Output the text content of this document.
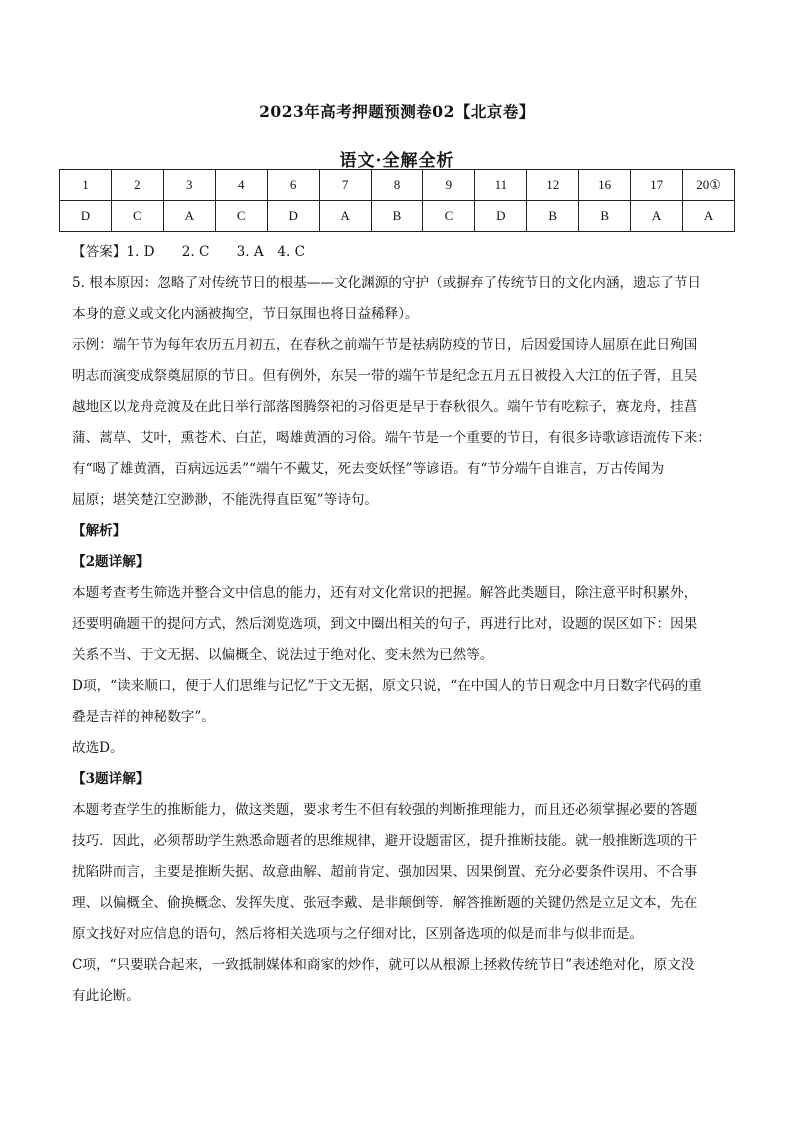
2023年高考押题预测卷02【北京卷】
语文·全解全析
1	2	3	4	6	7	8	9	11	12	16	17	20①
D	C	A	C	D	A	B	C	D	B	B	A	A

【答案】1. D　　2. C　　3. A　4. C

5. 根本原因：忽略了对传统节日的根基——文化渊源的守护（或摒弃了传统节日的文化内涵，遗忘了节日

本身的意义或文化内涵被掏空，节日氛围也将日益稀释）。

示例：端午节为每年农历五月初五，在春秋之前端午节是祛病防疫的节日，后因爱国诗人屈原在此日殉国

明志而演变成祭奠屈原的节日。但有例外，东吴一带的端午节是纪念五月五日被投入大江的伍子胥，且吴

越地区以龙舟竞渡及在此日举行部落图腾祭祀的习俗更是早于春秋很久。端午节有吃粽子，赛龙舟，挂菖

蒲、蒿草、艾叶，熏苍术、白芷，喝雄黄酒的习俗。端午节是一个重要的节日，有很多诗歌谚语流传下来：

有“喝了雄黄酒，百病远远丢”“端午不戴艾，死去变妖怪”等谚语。有“节分端午自谁言，万古传闻为

屈原；堪笑楚江空渺渺，不能洗得直臣冤”等诗句。

【解析】

【2题详解】

本题考查考生筛选并整合文中信息的能力，还有对文化常识的把握。解答此类题目，除注意平时积累外，

还要明确题干的提问方式，然后浏览选项，到文中圈出相关的句子，再进行比对，设题的误区如下：因果

关系不当、于文无据、以偏概全、说法过于绝对化、变未然为已然等。

D项，“读来顺口，便于人们思维与记忆”于文无据，原文只说，“在中国人的节日观念中月日数字代码的重

叠是吉祥的神秘数字”。

故选D。

【3题详解】

本题考查学生的推断能力，做这类题，要求考生不但有较强的判断推理能力，而且还必须掌握必要的答题

技巧．因此，必须帮助学生熟悉命题者的思维规律，避开设题雷区，提升推断技能。就一般推断选项的干

扰陷阱而言，主要是推断失据、故意曲解、超前肯定、强加因果、因果倒置、充分必要条件误用、不合事

理、以偏概全、偷换概念、发挥失度、张冠李戴、是非颠倒等．解答推断题的关键仍然是立足文本，先在

原文找好对应信息的语句，然后将相关选项与之仔细对比，区别备选项的似是而非与似非而是。

C项，“只要联合起来，一致抵制媒体和商家的炒作，就可以从根源上拯救传统节日”表述绝对化，原文没

有此论断。
